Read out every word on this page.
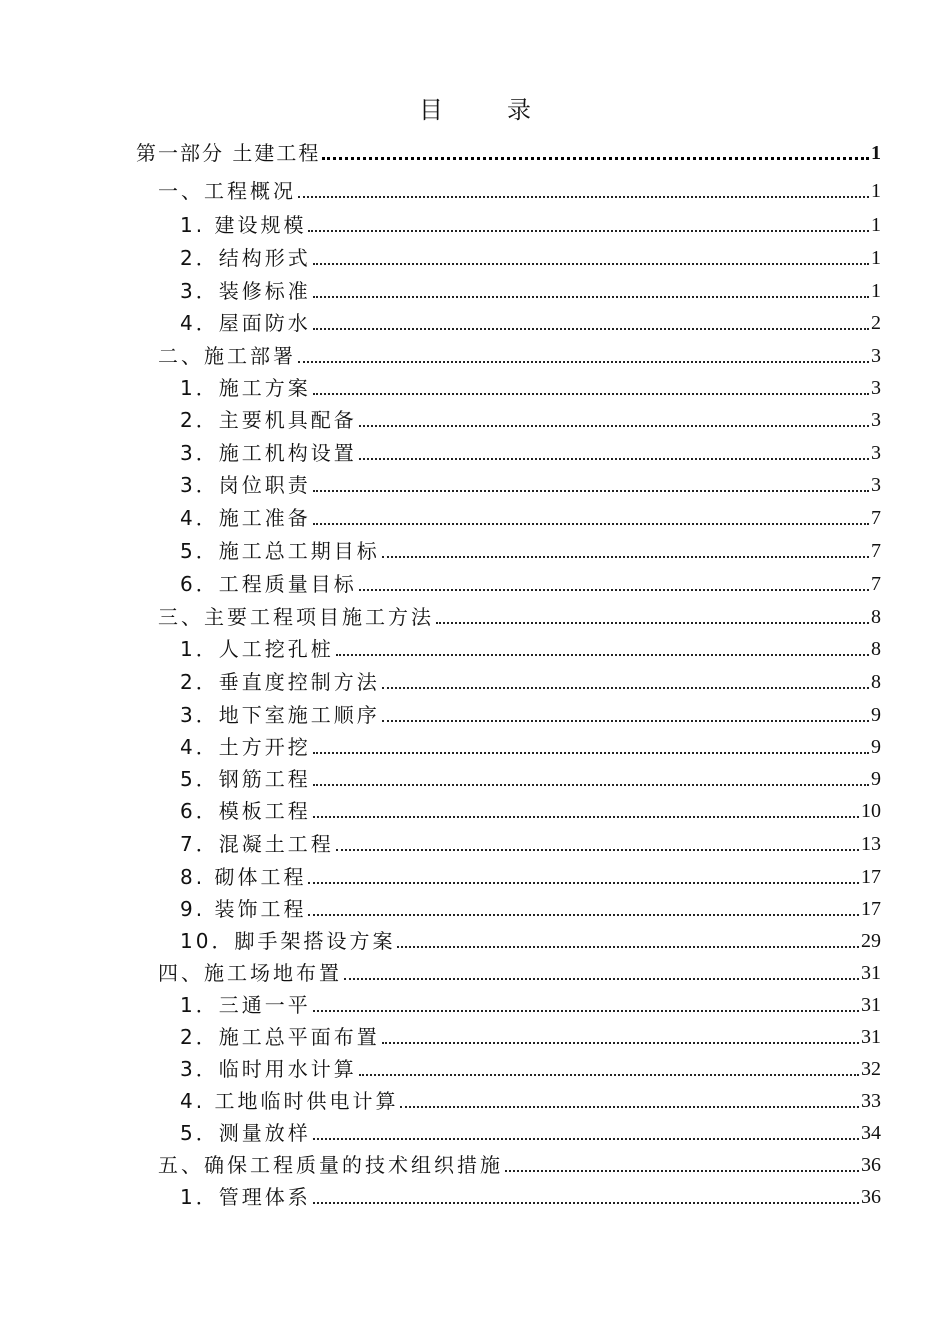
目录
第一部分 土建工程	1
一、工程概况	1
1. 建设规模	1
2．结构形式	1
3．装修标准	1
4．屋面防水	2
二、施工部署	3
1．施工方案	3
2．主要机具配备	3
3．施工机构设置	3
3．岗位职责	3
4．施工准备	7
5．施工总工期目标	7
6．工程质量目标	7
三、主要工程项目施工方法	8
1．人工挖孔桩	8
2．垂直度控制方法	8
3．地下室施工顺序	9
4．土方开挖	9
5．钢筋工程	9
6．模板工程	10
7．混凝土工程	13
8. 砌体工程	17
9. 装饰工程	17
10．脚手架搭设方案	29
四、施工场地布置	31
1．三通一平	31
2．施工总平面布置	31
3．临时用水计算	32
4. 工地临时供电计算	33
5．测量放样	34
五、确保工程质量的技术组织措施	36
1．管理体系	36
